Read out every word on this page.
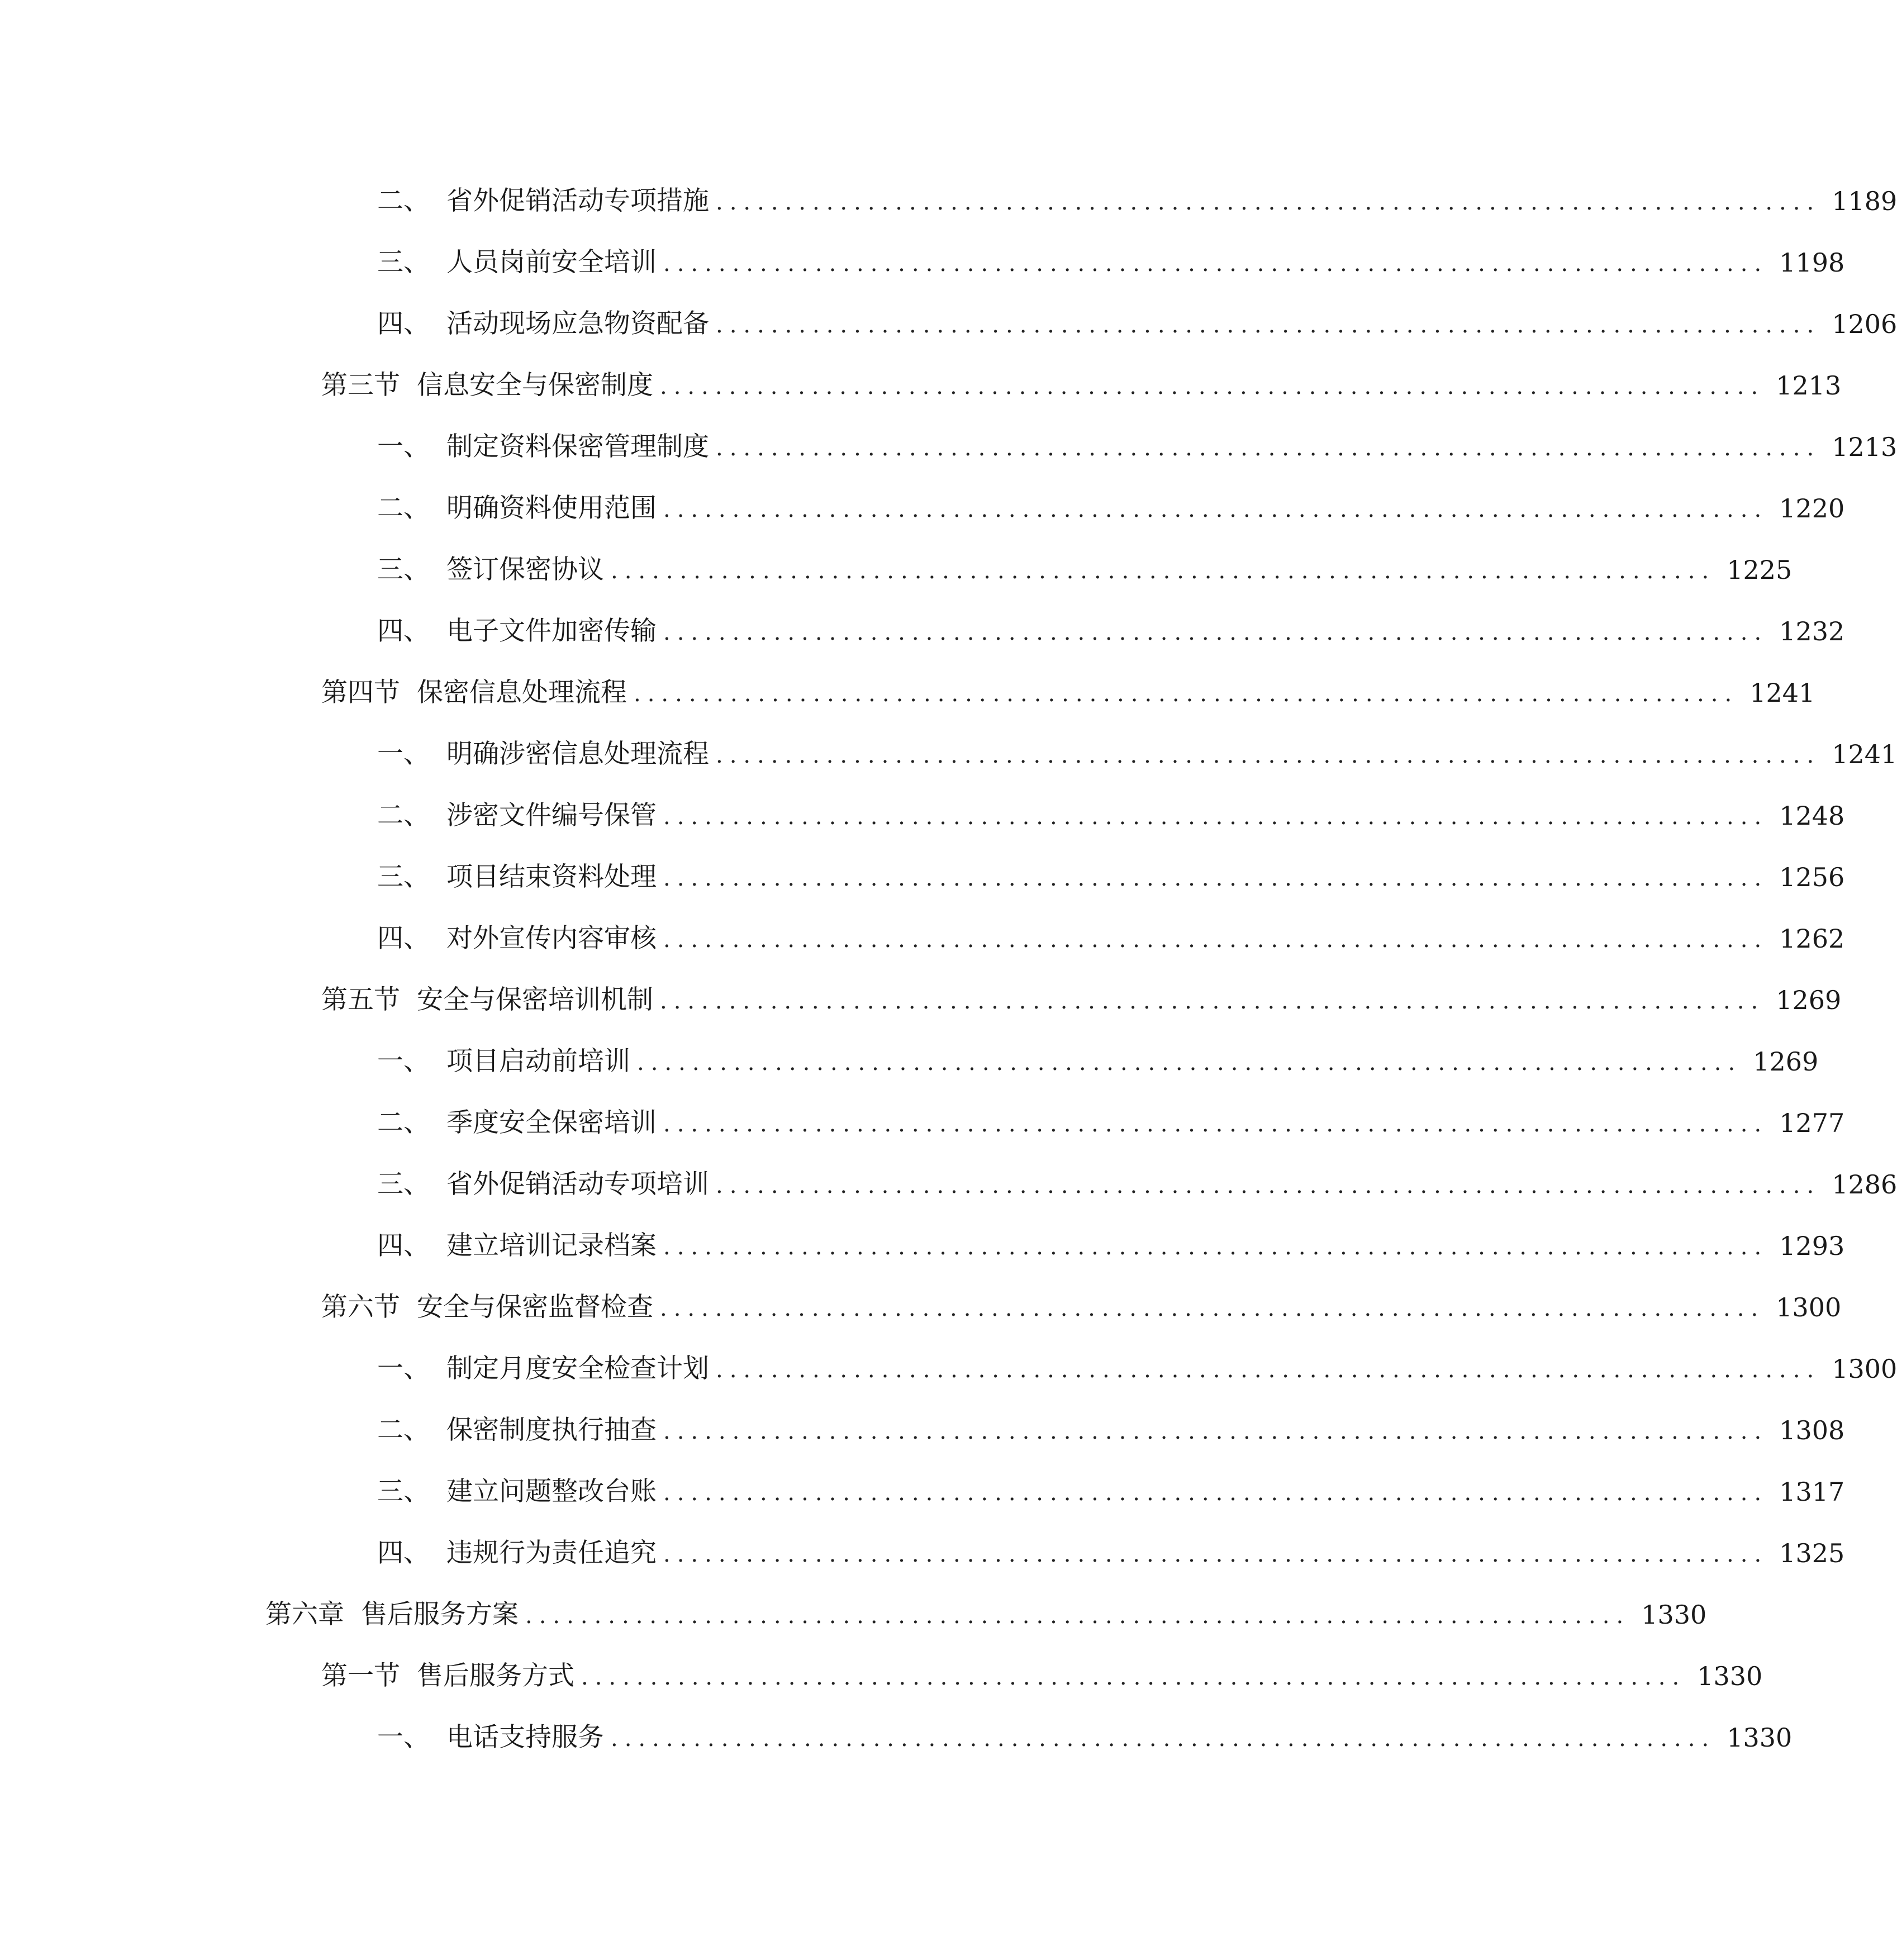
二、 省外促销活动专项措施 ................................................................................ 1189
三、 人员岗前安全培训 ................................................................................ 1198
四、 活动现场应急物资配备 ................................................................................ 1206
第三节 信息安全与保密制度 ................................................................................ 1213
一、 制定资料保密管理制度 ................................................................................ 1213
二、 明确资料使用范围 ................................................................................ 1220
三、 签订保密协议 ................................................................................ 1225
四、 电子文件加密传输 ................................................................................ 1232
第四节 保密信息处理流程 ................................................................................ 1241
一、 明确涉密信息处理流程 ................................................................................ 1241
二、 涉密文件编号保管 ................................................................................ 1248
三、 项目结束资料处理 ................................................................................ 1256
四、 对外宣传内容审核 ................................................................................ 1262
第五节 安全与保密培训机制 ................................................................................ 1269
一、 项目启动前培训 ................................................................................ 1269
二、 季度安全保密培训 ................................................................................ 1277
三、 省外促销活动专项培训 ................................................................................ 1286
四、 建立培训记录档案 ................................................................................ 1293
第六节 安全与保密监督检查 ................................................................................ 1300
一、 制定月度安全检查计划 ................................................................................ 1300
二、 保密制度执行抽查 ................................................................................ 1308
三、 建立问题整改台账 ................................................................................ 1317
四、 违规行为责任追究 ................................................................................ 1325
第六章 售后服务方案 ................................................................................ 1330
第一节 售后服务方式 ................................................................................ 1330
一、 电话支持服务 ................................................................................ 1330
